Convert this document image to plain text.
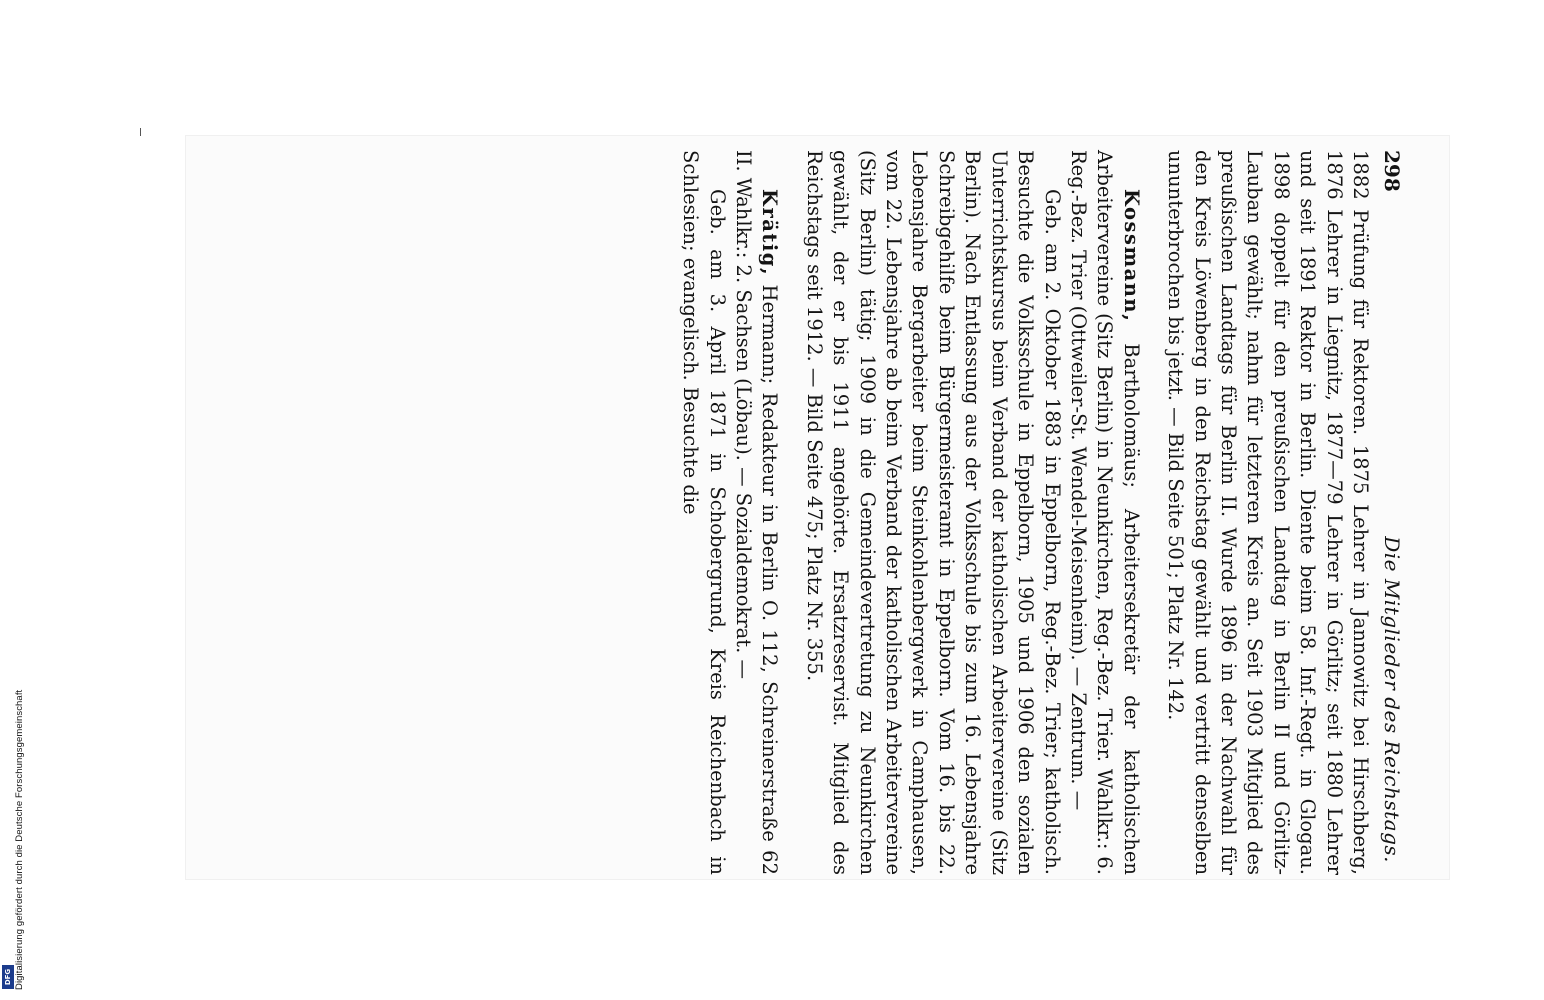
Digitalisierung gefördert durch die Deutsche Forschungsgemeinschaft
DFG
298
Die Mitglieder des Reichstags.

1882 Prüfung für Rektoren. 1875 Lehrer in Jannowitz bei Hirschberg, 1876 Lehrer in Liegnitz, 1877—79 Lehrer in Görlitz; seit 1880 Lehrer und seit 1891 Rektor in Berlin. Diente beim 58. Inf.-Regt. in Glogau. 1898 doppelt für den preußischen Landtag in Berlin II und Görlitz-Lauban gewählt; nahm für letzteren Kreis an. Seit 1903 Mitglied des preußischen Landtags für Berlin II. Wurde 1896 in der Nachwahl für den Kreis Löwenberg in den Reichstag gewählt und vertritt denselben ununterbrochen bis jetzt. — Bild Seite 501; Platz Nr. 142.

Kossmann, Bartholomäus; Arbeitersekretär der katholischen Arbeitervereine (Sitz Berlin) in Neunkirchen, Reg.-Bez. Trier. Wahlkr.: 6. Reg.-Bez. Trier (Ottweiler-St. Wendel-Meisenheim). — Zentrum. —

Geb. am 2. Oktober 1883 in Eppelborn, Reg.-Bez. Trier; katholisch. Besuchte die Volksschule in Eppelborn, 1905 und 1906 den sozialen Unterrichtskursus beim Verband der katholischen Arbeitervereine (Sitz Berlin). Nach Entlassung aus der Volksschule bis zum 16. Lebensjahre Schreibgehilfe beim Bürgermeisteramt in Eppelborn. Vom 16. bis 22. Lebensjahre Bergarbeiter beim Steinkohlenbergwerk in Camphausen, vom 22. Lebensjahre ab beim Verband der katholischen Arbeitervereine (Sitz Berlin) tätig; 1909 in die Gemeindevertretung zu Neunkirchen gewählt, der er bis 1911 angehörte. Ersatzreservist. Mitglied des Reichstags seit 1912. — Bild Seite 475; Platz Nr. 355.

Krätig, Hermann; Redakteur in Berlin O. 112, Schreinerstraße 62 II. Wahlkr.: 2. Sachsen (Löbau). — Sozialdemokrat. —

Geb. am 3. April 1871 in Schobergrund, Kreis Reichenbach in Schlesien; evangelisch. Besuchte die
